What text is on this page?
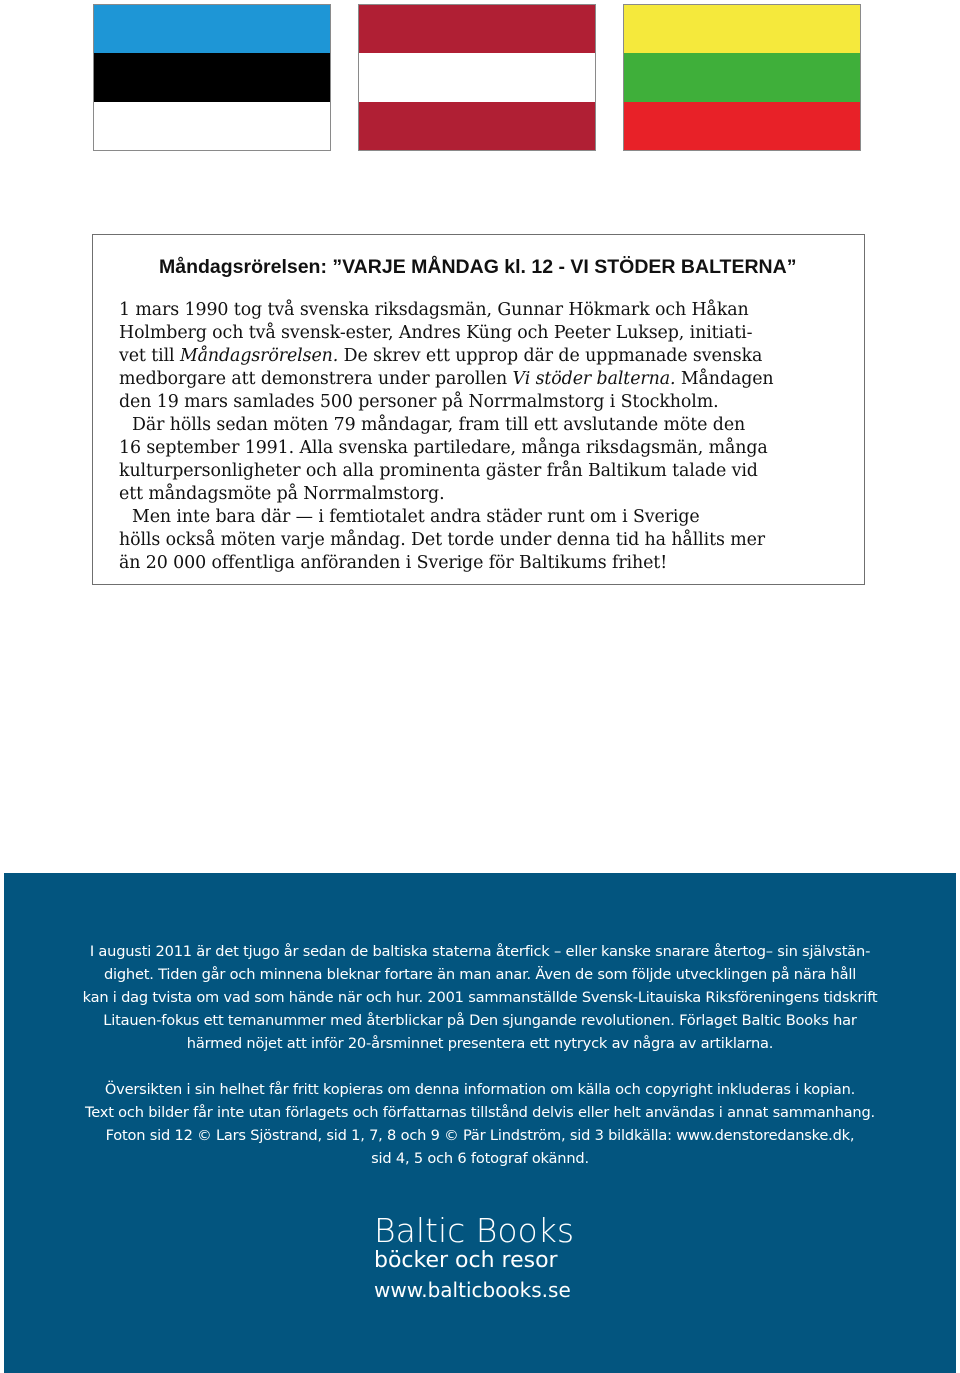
Måndagsrörelsen: ”VARJE MÅNDAG kl. 12 - VI STÖDER BALTERNA”
1 mars 1990 tog två svenska riksdagsmän, Gunnar Hökmark och Håkan
Holmberg och två svensk-ester, Andres Küng och Peeter Luksep, initiati-
vet till Måndagsrörelsen. De skrev ett upprop där de uppmanade svenska
medborgare att demonstrera under parollen Vi stöder balterna. Måndagen
den 19 mars samlades 500 personer på Norrmalmstorg i Stockholm.
Där hölls sedan möten 79 måndagar, fram till ett avslutande möte den
16 september 1991. Alla svenska partiledare, många riksdagsmän, många
kulturpersonligheter och alla prominenta gäster från Baltikum talade vid
ett måndagsmöte på Norrmalmstorg.
Men inte bara där — i femtiotalet andra städer runt om i Sverige
hölls också möten varje måndag. Det torde under denna tid ha hållits mer
än 20 000 offentliga anföranden i Sverige för Baltikums frihet!
I augusti 2011 är det tjugo år sedan de baltiska staterna återfick – eller kanske snarare återtog– sin självstän-
dighet. Tiden går och minnena bleknar fortare än man anar. Även de som följde utvecklingen på nära håll
kan i dag tvista om vad som hände när och hur. 2001 sammanställde Svensk-Litauiska Riksföreningens tidskrift
Litauen-fokus ett temanummer med återblickar på Den sjungande revolutionen. Förlaget Baltic Books har
härmed nöjet att inför 20-årsminnet presentera ett nytryck av några av artiklarna.
Översikten i sin helhet får fritt kopieras om denna information om källa och copyright inkluderas i kopian.
Text och bilder får inte utan förlagets och författarnas tillstånd delvis eller helt användas i annat sammanhang.
Foton sid 12 © Lars Sjöstrand, sid 1, 7, 8 och 9 © Pär Lindström, sid 3 bildkälla: www.denstoredanske.dk,
sid 4, 5 och 6 fotograf okännd.
Baltic Books
böcker och resor
www.balticbooks.se
